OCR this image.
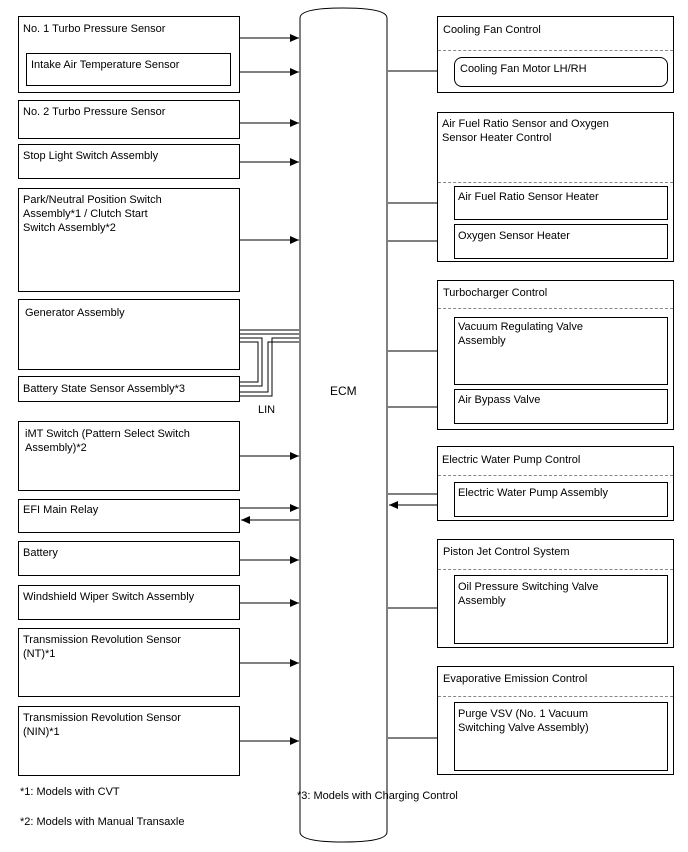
ECM
LIN
No. 1 Turbo Pressure Sensor
Intake Air Temperature Sensor
No. 2 Turbo Pressure Sensor
Stop Light Switch Assembly
Park/Neutral Position Switch
Assembly*1 / Clutch Start
Switch Assembly*2
Generator Assembly
Battery State Sensor Assembly*3
iMT Switch (Pattern Select Switch
Assembly)*2
EFI Main Relay
Battery
Windshield Wiper Switch Assembly
Transmission Revolution Sensor
(NT)*1
Transmission Revolution Sensor
(NIN)*1
Cooling Fan Control
Cooling Fan Motor LH/RH
Air Fuel Ratio Sensor and Oxygen
Sensor Heater Control
Air Fuel Ratio Sensor Heater
Oxygen Sensor Heater
Turbocharger Control
Vacuum Regulating Valve
Assembly
Air Bypass Valve
Electric Water Pump Control
Electric Water Pump Assembly
Piston Jet Control System
Oil Pressure Switching Valve
Assembly
Evaporative Emission Control
Purge VSV (No. 1 Vacuum
Switching Valve Assembly)
*1: Models with CVT
*2: Models with Manual Transaxle
*3: Models with Charging Control
